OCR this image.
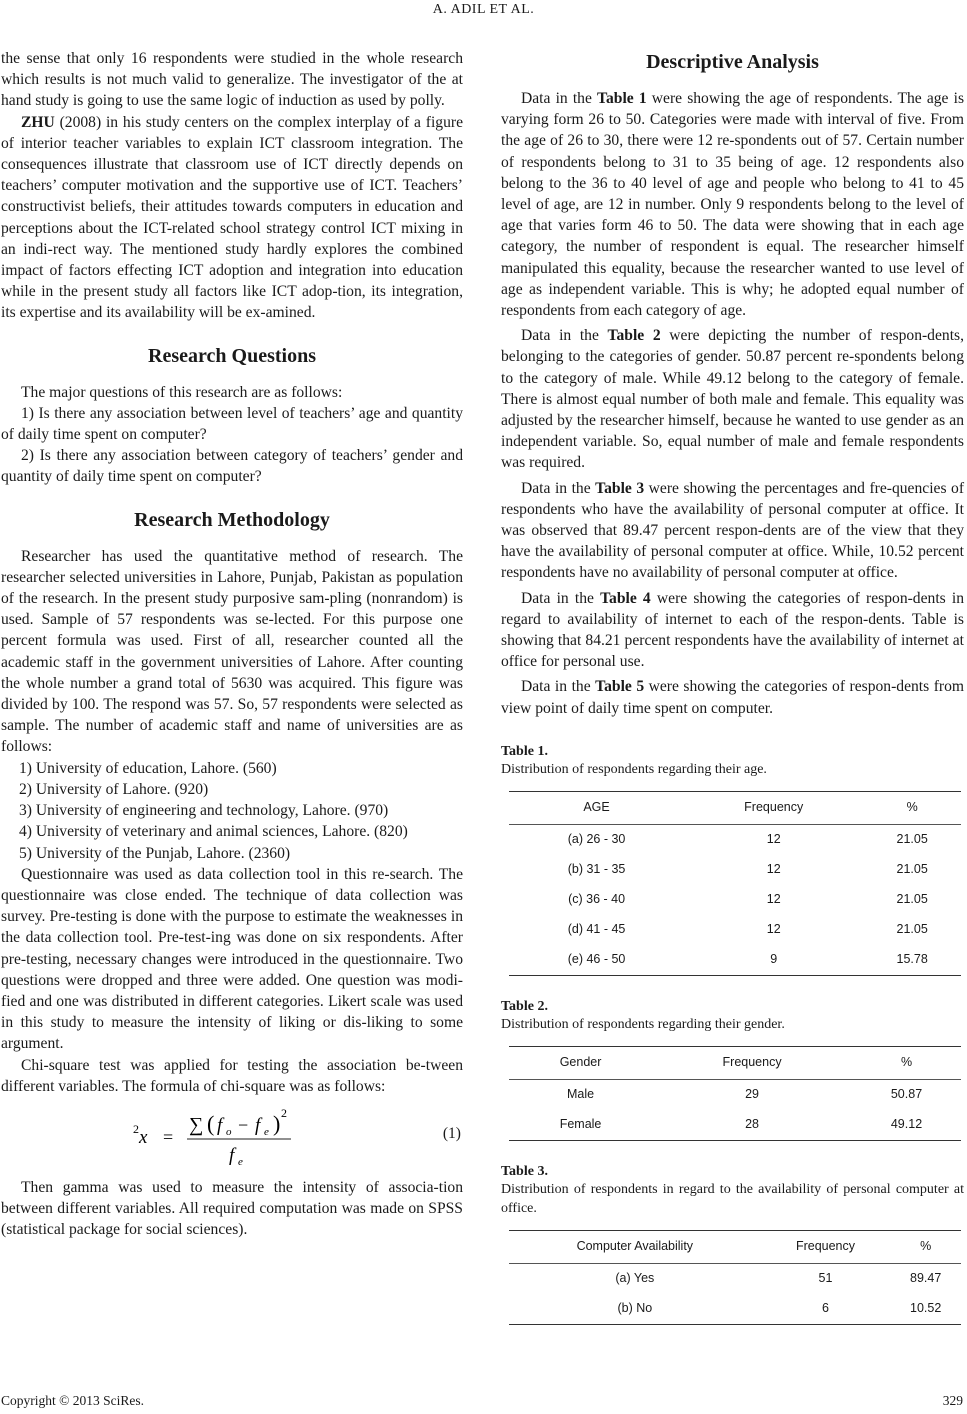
A. ADIL ET AL.

the sense that only 16 respondents were studied in the whole research which results is not much valid to generalize. The investigator of the at hand study is going to use the same logic of induction as used by polly.

ZHU (2008) in his study centers on the complex interplay of a figure of interior teacher variables to explain ICT classroom integration. The consequences illustrate that classroom use of ICT directly depends on teachers’ computer motivation and the supportive use of ICT. Teachers’ constructivist beliefs, their attitudes towards computers in education and perceptions about the ICT-related school strategy control ICT mixing in an indi-rect way. The mentioned study hardly explores the combined impact of factors effecting ICT adoption and integration into education while in the present study all factors like ICT adop-tion, its integration, its expertise and its availability will be ex-amined.

Research Questions

The major questions of this research are as follows:

1) Is there any association between level of teachers’ age and quantity of daily time spent on computer?

2) Is there any association between category of teachers’ gender and quantity of daily time spent on computer?

Research Methodology

Researcher has used the quantitative method of research. The researcher selected universities in Lahore, Punjab, Pakistan as population of the research. In the present study purposive sam-pling (nonrandom) is used. Sample of 57 respondents was se-lected. For this purpose one percent formula was used. First of all, researcher counted all the academic staff in the government universities of Lahore. After counting the whole number a grand total of 5630 was acquired. This figure was divided by 100. The respond was 57. So, 57 respondents were selected as sample. The number of academic staff and name of universities are as follows:

1) University of education, Lahore. (560)
2) University of Lahore. (920)
3) University of engineering and technology, Lahore. (970)
4) University of veterinary and animal sciences, Lahore. (820)
5) University of the Punjab, Lahore. (2360)

Questionnaire was used as data collection tool in this re-search. The questionnaire was close ended. The technique of data collection was survey. Pre-testing is done with the purpose to estimate the weaknesses in the data collection tool. Pre-test-ing was done on six respondents. After pre-testing, necessary changes were introduced in the questionnaire. Two questions were dropped and three were added. One question was modi-fied and one was distributed in different categories. Likert scale was used in this study to measure the intensity of liking or dis-liking to some argument.

Chi-square test was applied for testing the association be-tween different variables. The formula of chi-square was as follows:

x
2 =
∑ ( f o − f e ) 2
f e
(1)

Then gamma was used to measure the intensity of associa-tion between different variables. All required computation was made on SPSS (statistical package for social sciences).

Descriptive Analysis

Data in the Table 1 were showing the age of respondents. The age is varying form 26 to 50. Categories were made with interval of five. From the age of 26 to 30, there were 12 re-spondents out of 57. Certain number of respondents belong to 31 to 35 being of age. 12 respondents also belong to the 36 to 40 level of age and people who belong to 41 to 45 level of age, are 12 in number. Only 9 respondents belong to the level of age that varies form 46 to 50. The data were showing that in each age category, the number of respondent is equal. The researcher himself manipulated this equality, because the researcher wanted to use level of age as independent variable. This is why; he adopted equal number of respondents from each category of age.

Data in the Table 2 were depicting the number of respon-dents, belonging to the categories of gender. 50.87 percent re-spondents belong to the category of male. While 49.12 belong to the category of female. There is almost equal number of both male and female. This equality was adjusted by the researcher himself, because he wanted to use gender as an independent variable. So, equal number of male and female respondents was required.

Data in the Table 3 were showing the percentages and fre-quencies of respondents who have the availability of personal computer at office. It was observed that 89.47 percent respon-dents are of the view that they have the availability of personal computer at office. While, 10.52 percent respondents have no availability of personal computer at office.

Data in the Table 4 were showing the categories of respon-dents in regard to availability of internet to each of the respon-dents. Table is showing that 84.21 percent respondents have the availability of internet at office for personal use.

Data in the Table 5 were showing the categories of respon-dents from view point of daily time spent on computer.

Table 1.
Distribution of respondents regarding their age.
AGE	Frequency	%
(a) 26 - 30	12	21.05
(b) 31 - 35	12	21.05
(c) 36 - 40	12	21.05
(d) 41 - 45	12	21.05
(e) 46 - 50	9	15.78
Table 2.
Distribution of respondents regarding their gender.
Gender	Frequency	%
Male	29	50.87
Female	28	49.12
Table 3.
Distribution of respondents in regard to the availability of personal computer at office.
Computer Availability	Frequency	%
(a) Yes	51	89.47
(b) No	6	10.52
Copyright © 2013 SciRes.	329
